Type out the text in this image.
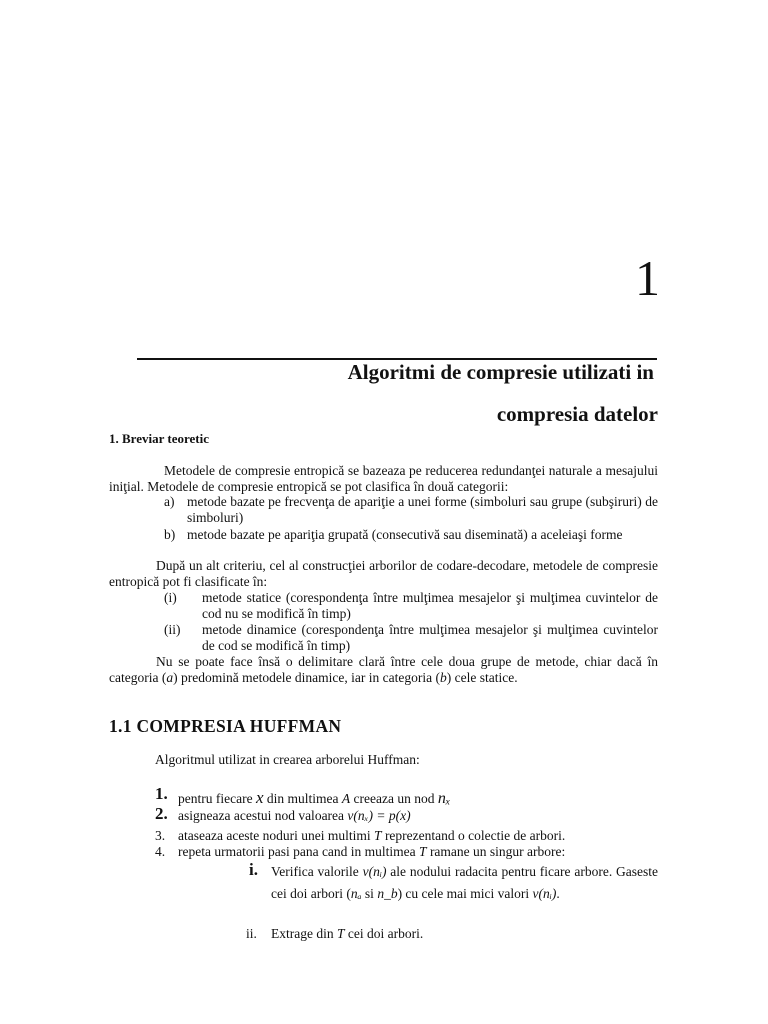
1
Algoritmi de compresie utilizati in
compresia datelor
1. Breviar teoretic
Metodele de compresie entropică se bazeaza pe reducerea redundanţei naturale a mesajului iniţial. Metodele de compresie entropică se pot clasifica în două categorii:
a) metode bazate pe frecvenţa de apariţie a unei forme (simboluri sau grupe (subşiruri) de simboluri)
b) metode bazate pe apariţia grupată (consecutivă sau diseminată) a aceleiaşi forme
După un alt criteriu, cel al construcţiei arborilor de codare-decodare, metodele de compresie entropică pot fi clasificate în:
(i) metode statice (corespondenţa între mulţimea mesajelor şi mulţimea cuvintelor de cod nu se modifică în timp)
(ii) metode dinamice (corespondenţa între mulţimea mesajelor şi mulţimea cuvintelor de cod se modifică în timp)
Nu se poate face însă o delimitare clară între cele doua grupe de metode, chiar dacă în categoria (a) predomină metodele dinamice, iar in categoria (b) cele statice.
1.1 COMPRESIA HUFFMAN
Algoritmul utilizat in crearea arborelui Huffman:
1. pentru fiecare x din multimea A creeaza un nod nₓ
2. asigneaza acestui nod valoarea v(nₓ) = p(x)
3. ataseaza aceste noduri unei multimi T reprezentand o colectie de arbori.
4. repeta urmatorii pasi pana cand in multimea T ramane un singur arbore:
i. Verifica valorile v(nᵢ) ale nodului radacita pentru ficare arbore. Gaseste cei doi arbori (nₐ si n_b) cu cele mai mici valori v(nᵢ).
ii. Extrage din T cei doi arbori.
